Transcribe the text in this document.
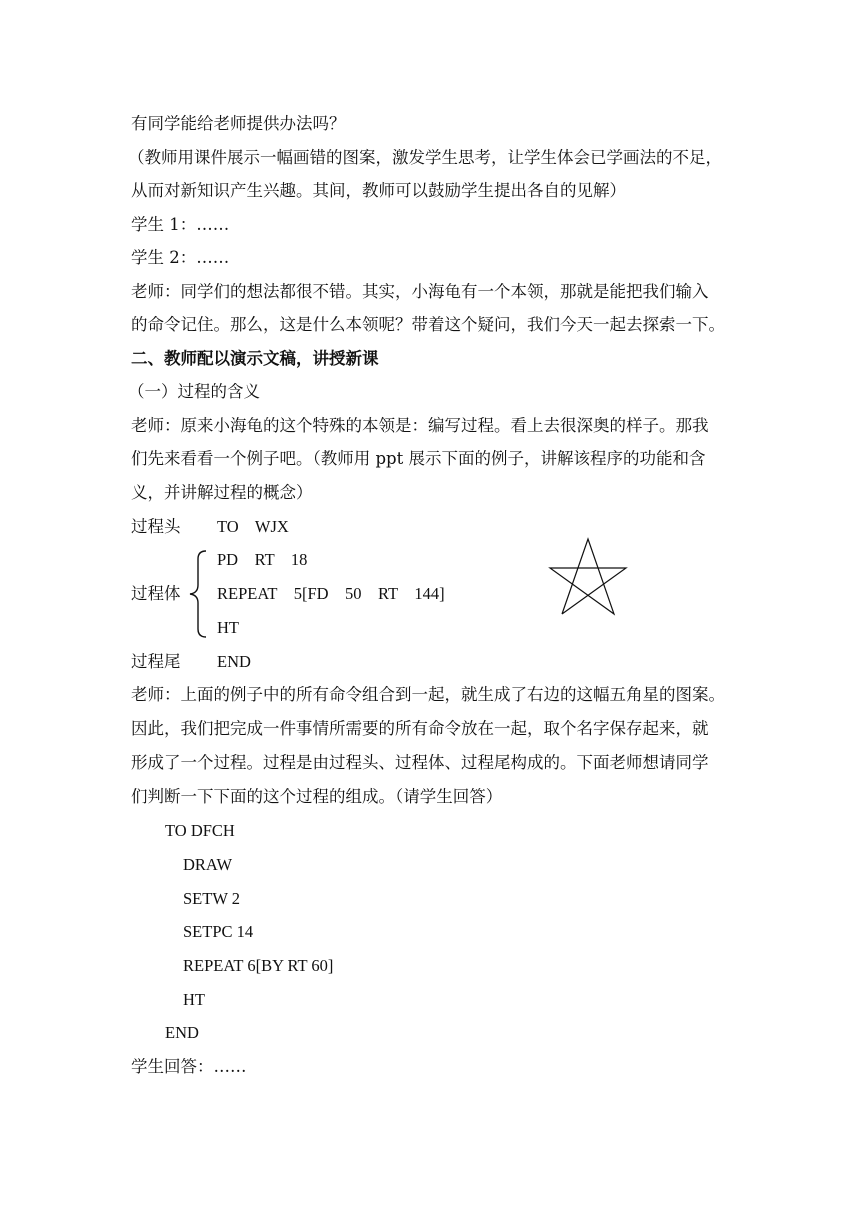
有同学能给老师提供办法吗？
（教师用课件展示一幅画错的图案，激发学生思考，让学生体会已学画法的不足，
从而对新知识产生兴趣。其间，教师可以鼓励学生提出各自的见解）
学生 1：……
学生 2：……
老师：同学们的想法都很不错。其实，小海龟有一个本领，那就是能把我们输入
的命令记住。那么，这是什么本领呢？带着这个疑问，我们今天一起去探索一下。
二、教师配以演示文稿，讲授新课
（一）过程的含义
老师：原来小海龟的这个特殊的本领是：编写过程。看上去很深奥的样子。那我
们先来看看一个例子吧。（教师用 ppt 展示下面的例子，讲解该程序的功能和含
义，并讲解过程的概念）
过程头	TO    WJX
PD    RT    18
过程体	REPEAT    5[FD    50    RT    144]
HT
过程尾	END
老师：上面的例子中的所有命令组合到一起，就生成了右边的这幅五角星的图案。
因此，我们把完成一件事情所需要的所有命令放在一起，取个名字保存起来，就
形成了一个过程。过程是由过程头、过程体、过程尾构成的。下面老师想请同学
们判断一下下面的这个过程的组成。（请学生回答）
TO DFCH
DRAW
SETW 2
SETPC 14
REPEAT 6[BY RT 60]
HT
END
学生回答：……
